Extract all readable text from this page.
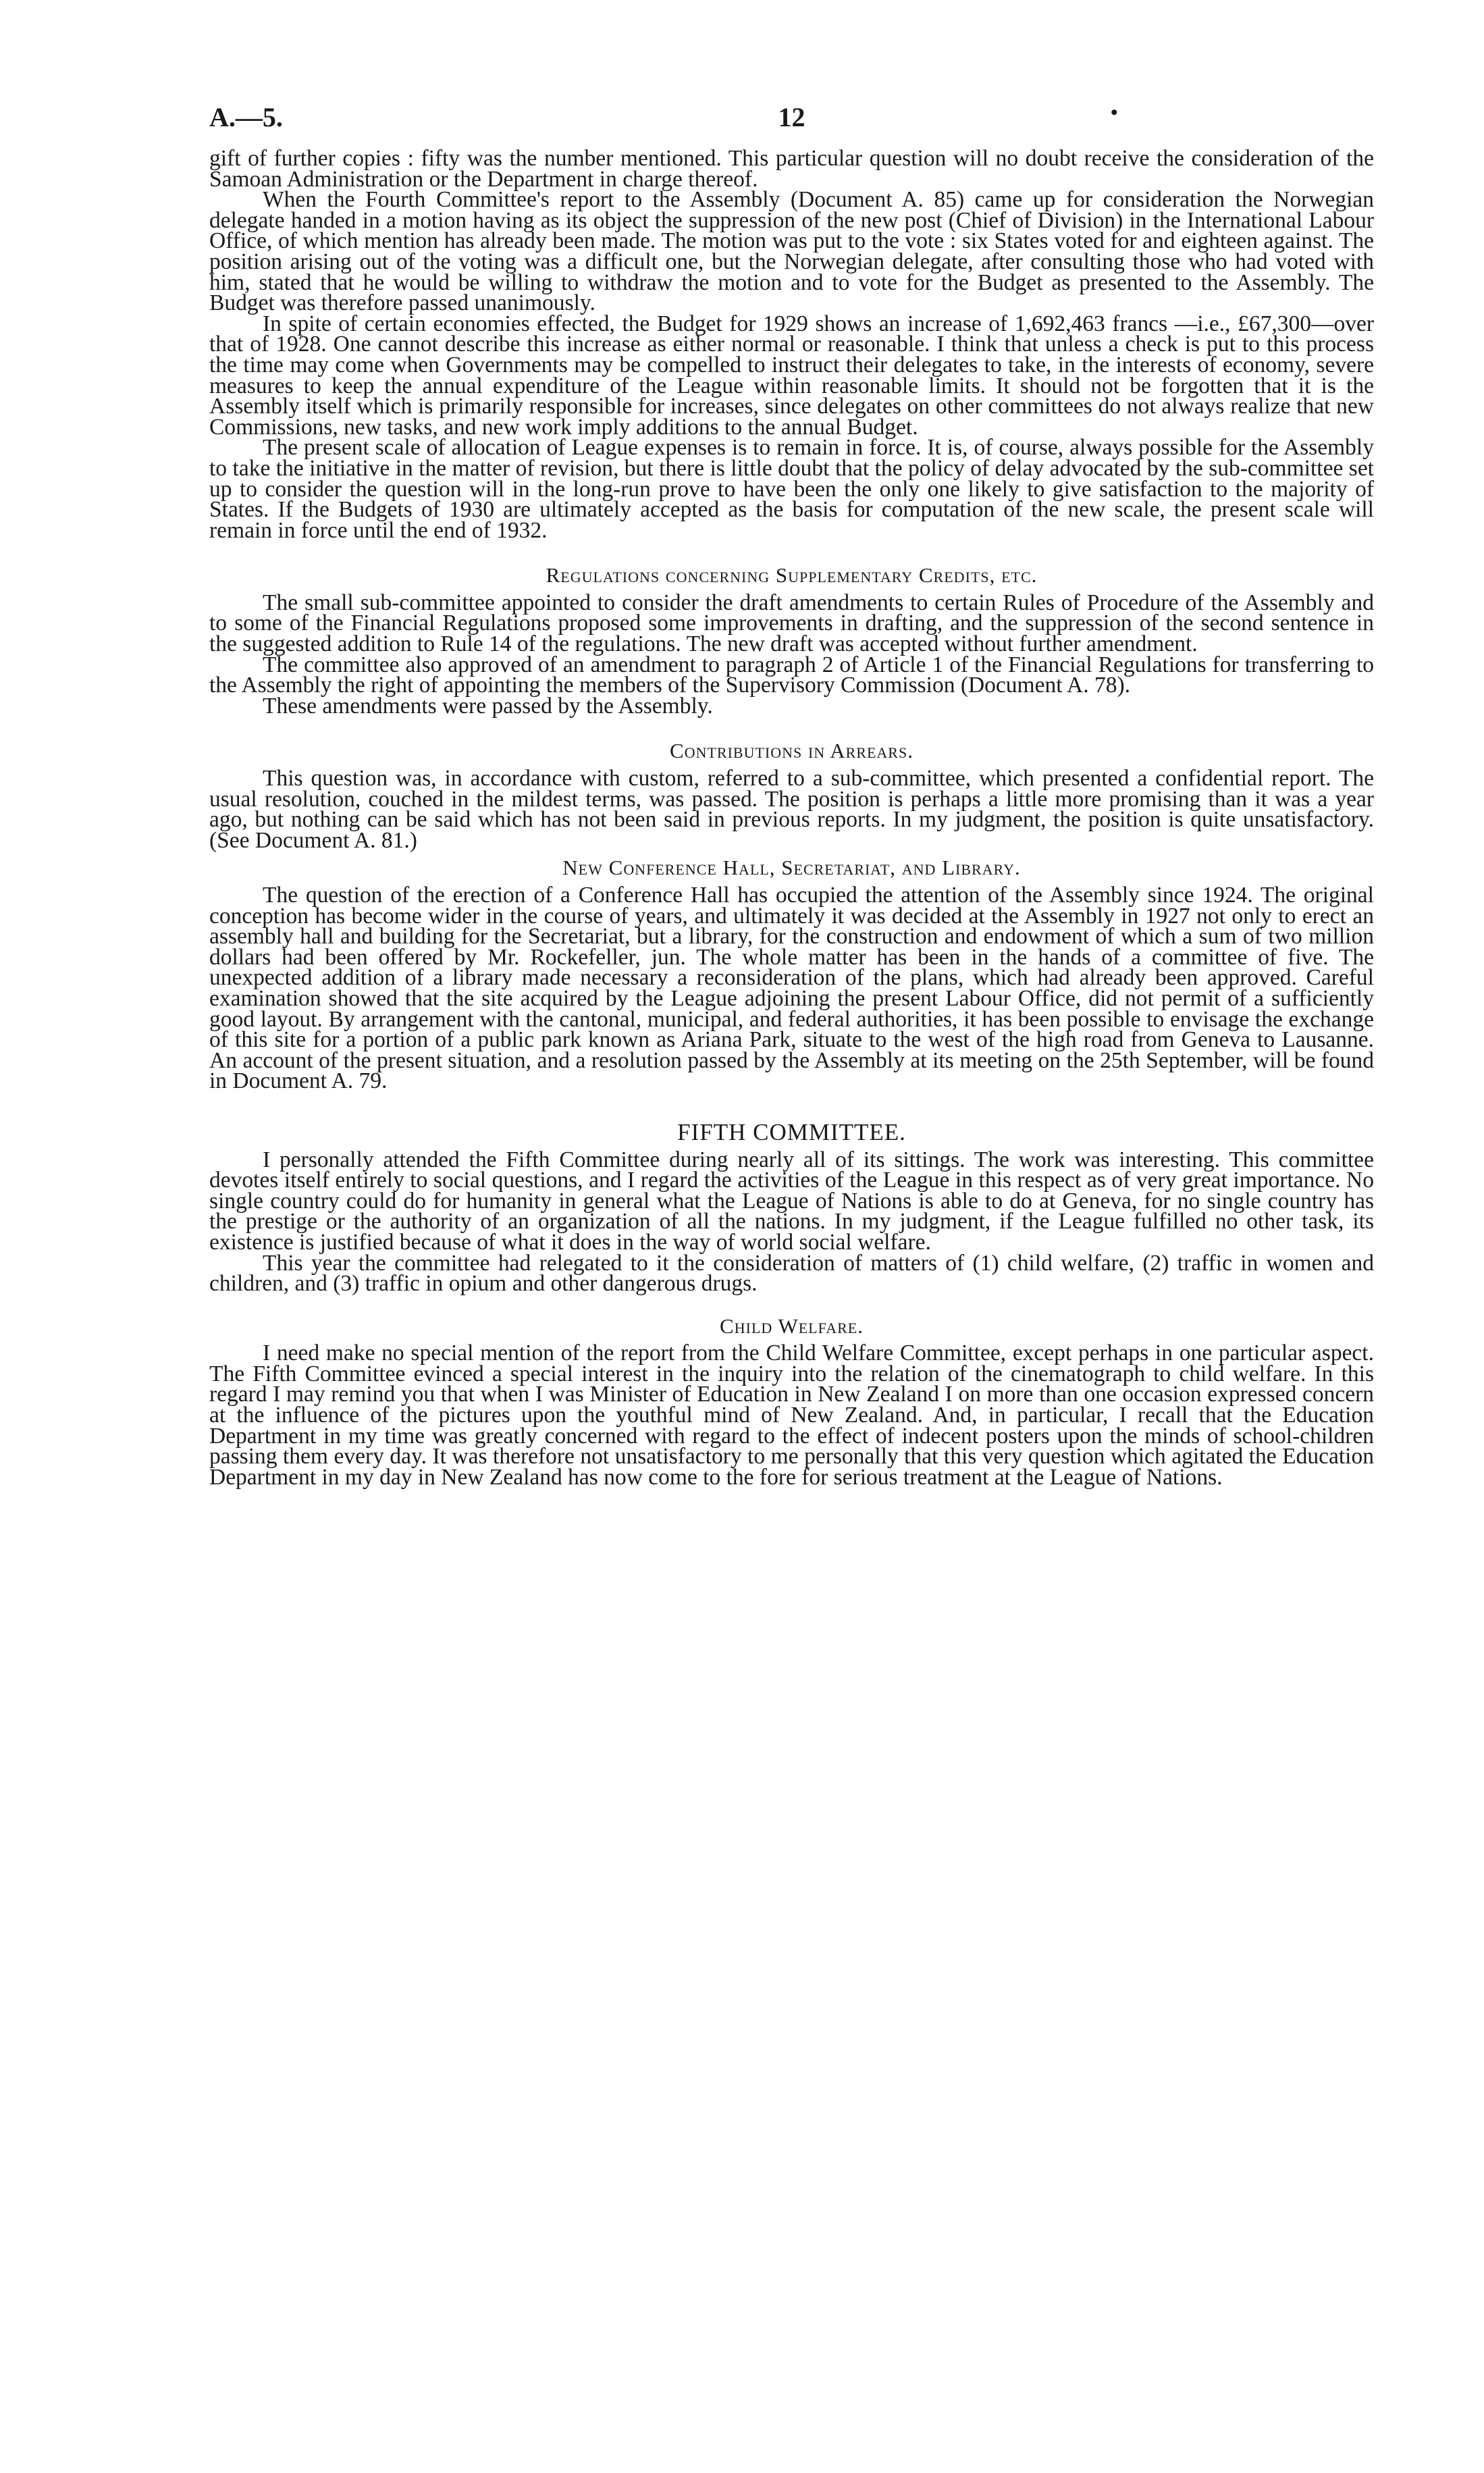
A.—5.	12	•

gift of further copies : fifty was the number mentioned. This particular question will no doubt receive the consideration of the Samoan Administration or the Department in charge thereof.

When the Fourth Committee's report to the Assembly (Document A. 85) came up for consideration the Norwegian delegate handed in a motion having as its object the suppression of the new post (Chief of Division) in the International Labour Office, of which mention has already been made. The motion was put to the vote : six States voted for and eighteen against. The position arising out of the voting was a difficult one, but the Norwegian delegate, after consulting those who had voted with him, stated that he would be willing to withdraw the motion and to vote for the Budget as presented to the Assembly. The Budget was therefore passed unanimously.

In spite of certain economies effected, the Budget for 1929 shows an increase of 1,692,463 francs —i.e., £67,300—over that of 1928. One cannot describe this increase as either normal or reasonable. I think that unless a check is put to this process the time may come when Governments may be compelled to instruct their delegates to take, in the interests of economy, severe measures to keep the annual expenditure of the League within reasonable limits. It should not be forgotten that it is the Assembly itself which is primarily responsible for increases, since delegates on other committees do not always realize that new Commissions, new tasks, and new work imply additions to the annual Budget.

The present scale of allocation of League expenses is to remain in force. It is, of course, always possible for the Assembly to take the initiative in the matter of revision, but there is little doubt that the policy of delay advocated by the sub-committee set up to consider the question will in the long-run prove to have been the only one likely to give satisfaction to the majority of States. If the Budgets of 1930 are ultimately accepted as the basis for computation of the new scale, the present scale will remain in force until the end of 1932.

Regulations concerning Supplementary Credits, etc.

The small sub-committee appointed to consider the draft amendments to certain Rules of Procedure of the Assembly and to some of the Financial Regulations proposed some improvements in drafting, and the suppression of the second sentence in the suggested addition to Rule 14 of the regulations. The new draft was accepted without further amendment.

The committee also approved of an amendment to paragraph 2 of Article 1 of the Financial Regulations for transferring to the Assembly the right of appointing the members of the Supervisory Commission (Document A. 78).

These amendments were passed by the Assembly.

Contributions in Arrears.

This question was, in accordance with custom, referred to a sub-committee, which presented a confidential report. The usual resolution, couched in the mildest terms, was passed. The position is perhaps a little more promising than it was a year ago, but nothing can be said which has not been said in previous reports. In my judgment, the position is quite unsatisfactory. (See Document A. 81.)

New Conference Hall, Secretariat, and Library.

The question of the erection of a Conference Hall has occupied the attention of the Assembly since 1924. The original conception has become wider in the course of years, and ultimately it was decided at the Assembly in 1927 not only to erect an assembly hall and building for the Secretariat, but a library, for the construction and endowment of which a sum of two million dollars had been offered by Mr. Rockefeller, jun. The whole matter has been in the hands of a committee of five. The unexpected addition of a library made necessary a reconsideration of the plans, which had already been approved. Careful examination showed that the site acquired by the League adjoining the present Labour Office, did not permit of a sufficiently good layout. By arrangement with the cantonal, municipal, and federal authorities, it has been possible to envisage the exchange of this site for a portion of a public park known as Ariana Park, situate to the west of the high road from Geneva to Lausanne. An account of the present situation, and a resolution passed by the Assembly at its meeting on the 25th September, will be found in Document A. 79.

FIFTH COMMITTEE.

I personally attended the Fifth Committee during nearly all of its sittings. The work was interesting. This committee devotes itself entirely to social questions, and I regard the activities of the League in this respect as of very great importance. No single country could do for humanity in general what the League of Nations is able to do at Geneva, for no single country has the prestige or the authority of an organization of all the nations. In my judgment, if the League fulfilled no other task, its existence is justified because of what it does in the way of world social welfare.

This year the committee had relegated to it the consideration of matters of (1) child welfare, (2) traffic in women and children, and (3) traffic in opium and other dangerous drugs.

Child Welfare.

I need make no special mention of the report from the Child Welfare Committee, except perhaps in one particular aspect. The Fifth Committee evinced a special interest in the inquiry into the relation of the cinematograph to child welfare. In this regard I may remind you that when I was Minister of Education in New Zealand I on more than one occasion expressed concern at the influence of the pictures upon the youthful mind of New Zealand. And, in particular, I recall that the Education Department in my time was greatly concerned with regard to the effect of indecent posters upon the minds of school-children passing them every day. It was therefore not unsatisfactory to me personally that this very question which agitated the Education Department in my day in New Zealand has now come to the fore for serious treatment at the League of Nations.
